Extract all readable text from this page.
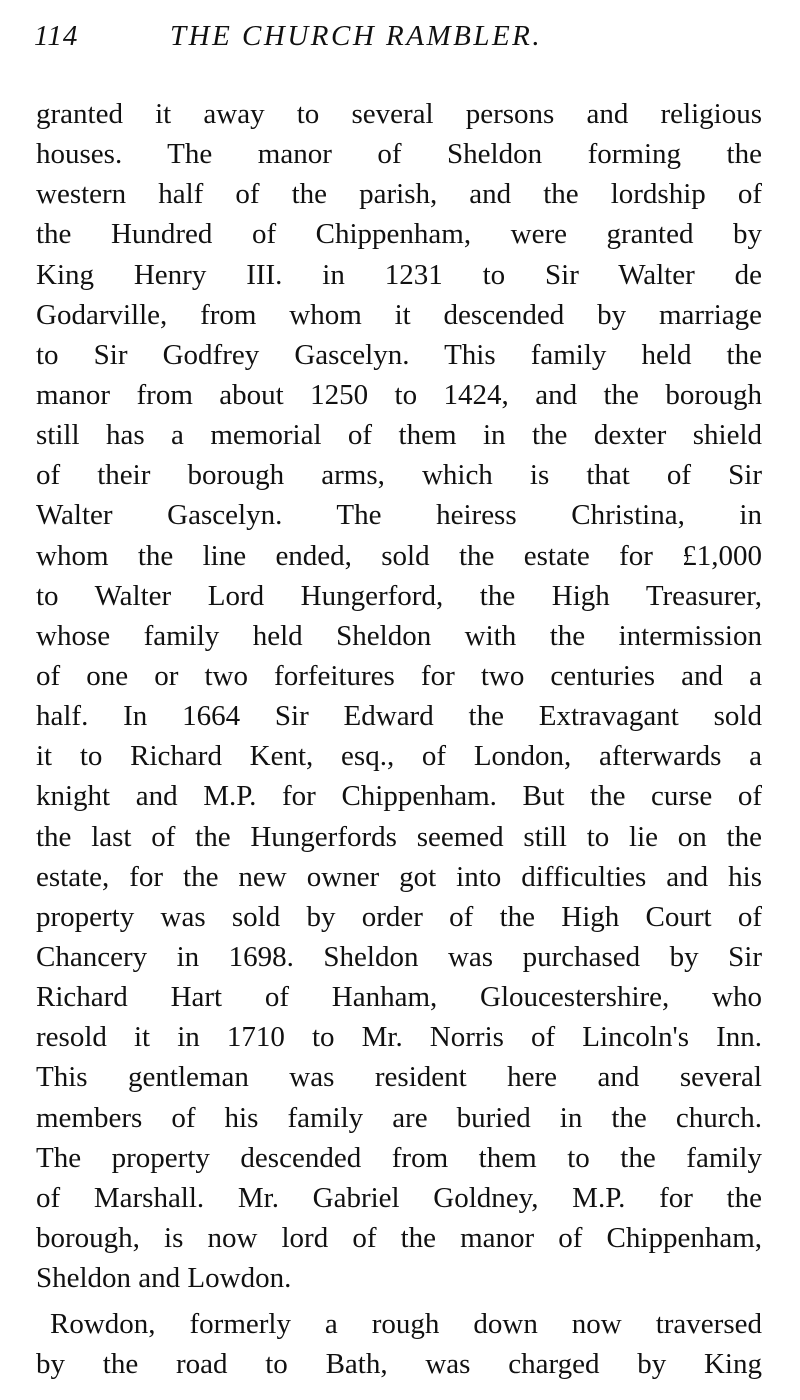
114	THE CHURCH RAMBLER.
granted it away to several persons and religious
houses. The manor of Sheldon forming the
western half of the parish, and the lordship of
the Hundred of Chippenham, were granted by
King Henry III. in 1231 to Sir Walter de
Godarville, from whom it descended by marriage
to Sir Godfrey Gascelyn. This family held the
manor from about 1250 to 1424, and the borough
still has a memorial of them in the dexter shield
of their borough arms, which is that of Sir
Walter Gascelyn. The heiress Christina, in
whom the line ended, sold the estate for £1,000
to Walter Lord Hungerford, the High Treasurer,
whose family held Sheldon with the intermission
of one or two forfeitures for two centuries and a
half. In 1664 Sir Edward the Extravagant sold
it to Richard Kent, esq., of London, afterwards a
knight and M.P. for Chippenham. But the curse of
the last of the Hungerfords seemed still to lie on the
estate, for the new owner got into difficulties and his
property was sold by order of the High Court of
Chancery in 1698. Sheldon was purchased by Sir
Richard Hart of Hanham, Gloucestershire, who
resold it in 1710 to Mr. Norris of Lincoln's Inn.
This gentleman was resident here and several
members of his family are buried in the church.
The property descended from them to the family
of Marshall. Mr. Gabriel Goldney, M.P. for the
borough, is now lord of the manor of Chippenham,
Sheldon and Lowdon.
Rowdon, formerly a rough down now traversed
by the road to Bath, was charged by King
